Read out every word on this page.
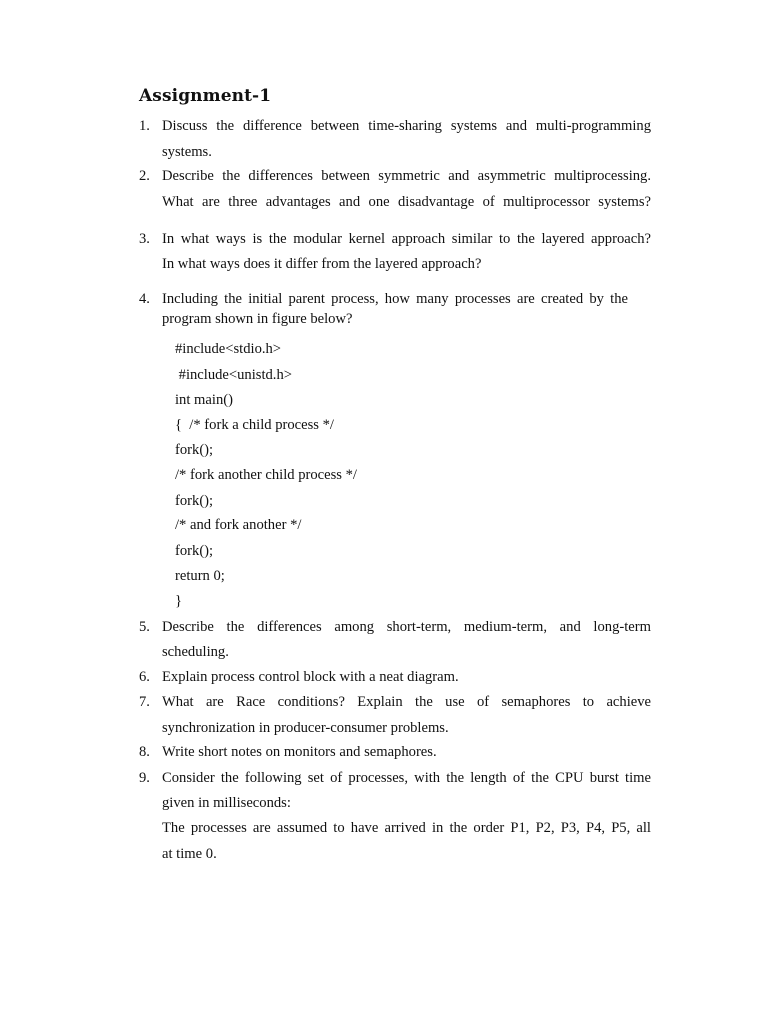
Assignment-1
1. Discuss the difference between time-sharing systems and multi-programming
systems.
2. Describe the differences between symmetric and asymmetric multiprocessing.
What are three advantages and one disadvantage of multiprocessor systems?
3. In what ways is the modular kernel approach similar to the layered approach?
In what ways does it differ from the layered approach?
4. Including the initial parent process, how many processes are created by the
program shown in figure below?
#include<stdio.h>
#include<unistd.h>
int main()
{  /* fork a child process */
fork();
/* fork another child process */
fork();
/* and fork another */
fork();
return 0;
}
5. Describe the differences among short-term, medium-term, and long-term
scheduling.
6. Explain process control block with a neat diagram.
7. What are Race conditions? Explain the use of semaphores to achieve
synchronization in producer-consumer problems.
8. Write short notes on monitors and semaphores.
9. Consider the following set of processes, with the length of the CPU burst time
given in milliseconds:
The processes are assumed to have arrived in the order P1, P2, P3, P4, P5, all
at time 0.
